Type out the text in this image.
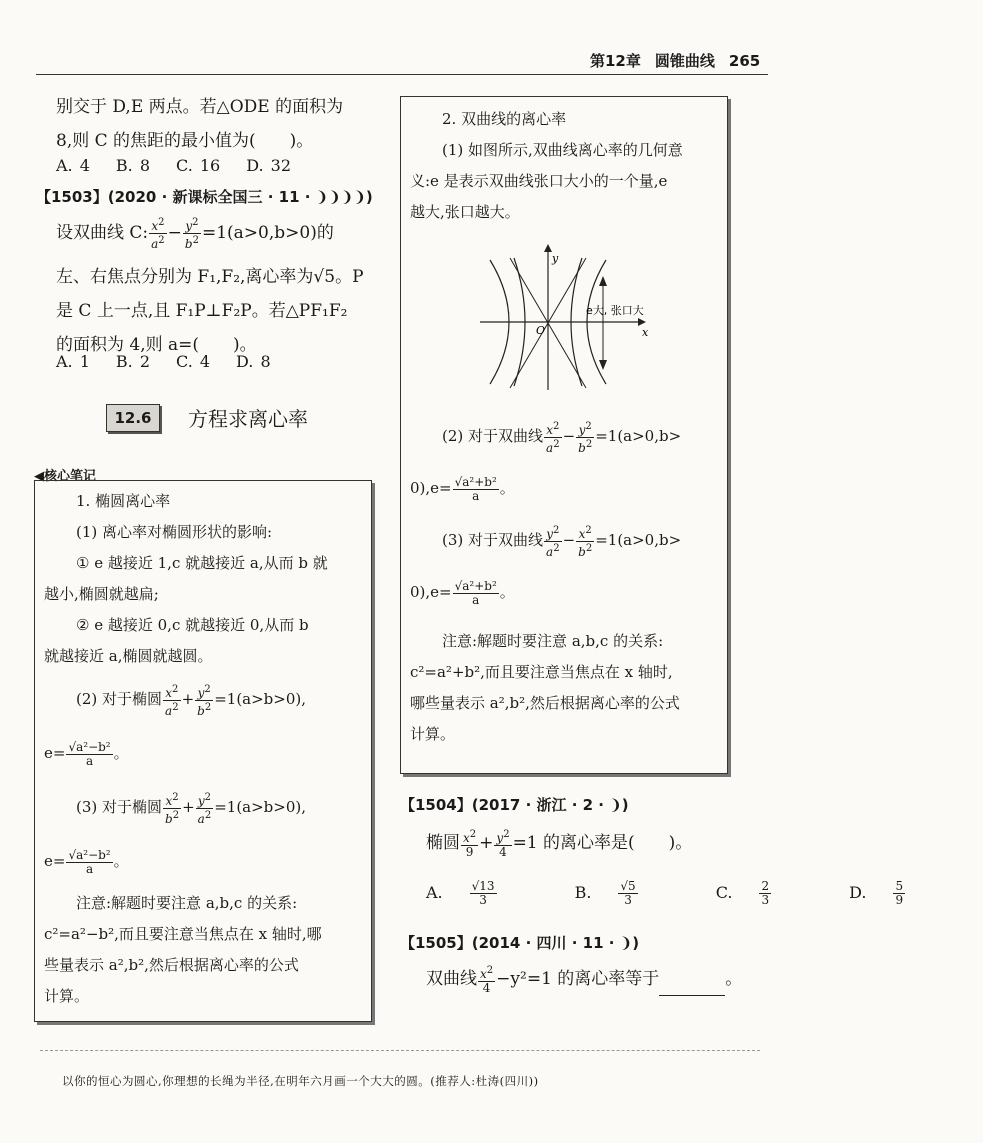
第12章 圆锥曲线 265
别交于 D,E 两点。若△ODE 的面积为
8,则 C 的焦距的最小值为(　　)。
A. 4 B. 8 C. 16 D. 32
【1503】(2020 · 新课标全国三 · 11 · ❩❩❩❩)
设双曲线 C: $\frac{x^2}{a^2} - \frac{y^2}{b^2} =1(a>0,b>0)$的
左、右焦点分别为 F₁,F₂,离心率为√5。P
是 C 上一点,且 F₁P⊥F₂P。若△PF₁F₂
的面积为 4,则 a=(　　)。
A. 1 B. 2 C. 4 D. 8
12.6	方程求离心率
◀核心笔记
1. 椭圆离心率
(1) 离心率对椭圆形状的影响:
① e 越接近 1,c 就越接近 a,从而 b 就
越小,椭圆就越扁;
② e 越接近 0,c 就越接近 0,从而 b
就越接近 a,椭圆就越圆。
(2) 对于椭圆 $\frac{x^2}{a^2} + \frac{y^2}{b^2} =1(a>b>0)$,
$e= \frac{\text{√a²−b²}}{a}$ 。
(3) 对于椭圆 $\frac{x^2}{b^2} + \frac{y^2}{a^2} =1(a>b>0)$,
$e= \frac{\text{√a²−b²}}{a}$ 。
注意:解题时要注意 a,b,c 的关系:
c²=a²−b²,而且要注意当焦点在 x 轴时,哪
些量表示 a²,b²,然后根据离心率的公式
计算。
2. 双曲线的离心率
(1) 如图所示,双曲线离心率的几何意
义:e 是表示双曲线张口大小的一个量,e
越大,张口越大。
y
x
O
e大, 张口大
(2) 对于双曲线 $\frac{x^2}{a^2} - \frac{y^2}{b^2} =1(a>0,b>$
$0),e= \frac{\text{√a²+b²}}{a}$ 。
(3) 对于双曲线 $\frac{y^2}{a^2} - \frac{x^2}{b^2} =1(a>0,b>$
$0),e= \frac{\text{√a²+b²}}{a}$ 。
注意:解题时要注意 a,b,c 的关系:
c²=a²+b²,而且要注意当焦点在 x 轴时,
哪些量表示 a²,b²,然后根据离心率的公式
计算。
【1504】(2017 · 浙江 · 2 · ❩)
椭圆 $\frac{x^2}{9} + \frac{y^2}{4} =1$ 的离心率是(　　)。
A. $\frac{√13}{3}$	B. $\frac{√5}{3}$	C. $\frac{2}{3}$	D. $\frac{5}{9}$
【1505】(2014 · 四川 · 11 · ❩)
双曲线 $\frac{x^2}{4} -y^2=1$ 的离心率等于	。
以你的恒心为圆心,你理想的长绳为半径,在明年六月画一个大大的圆。(推荐人:杜涛(四川))
